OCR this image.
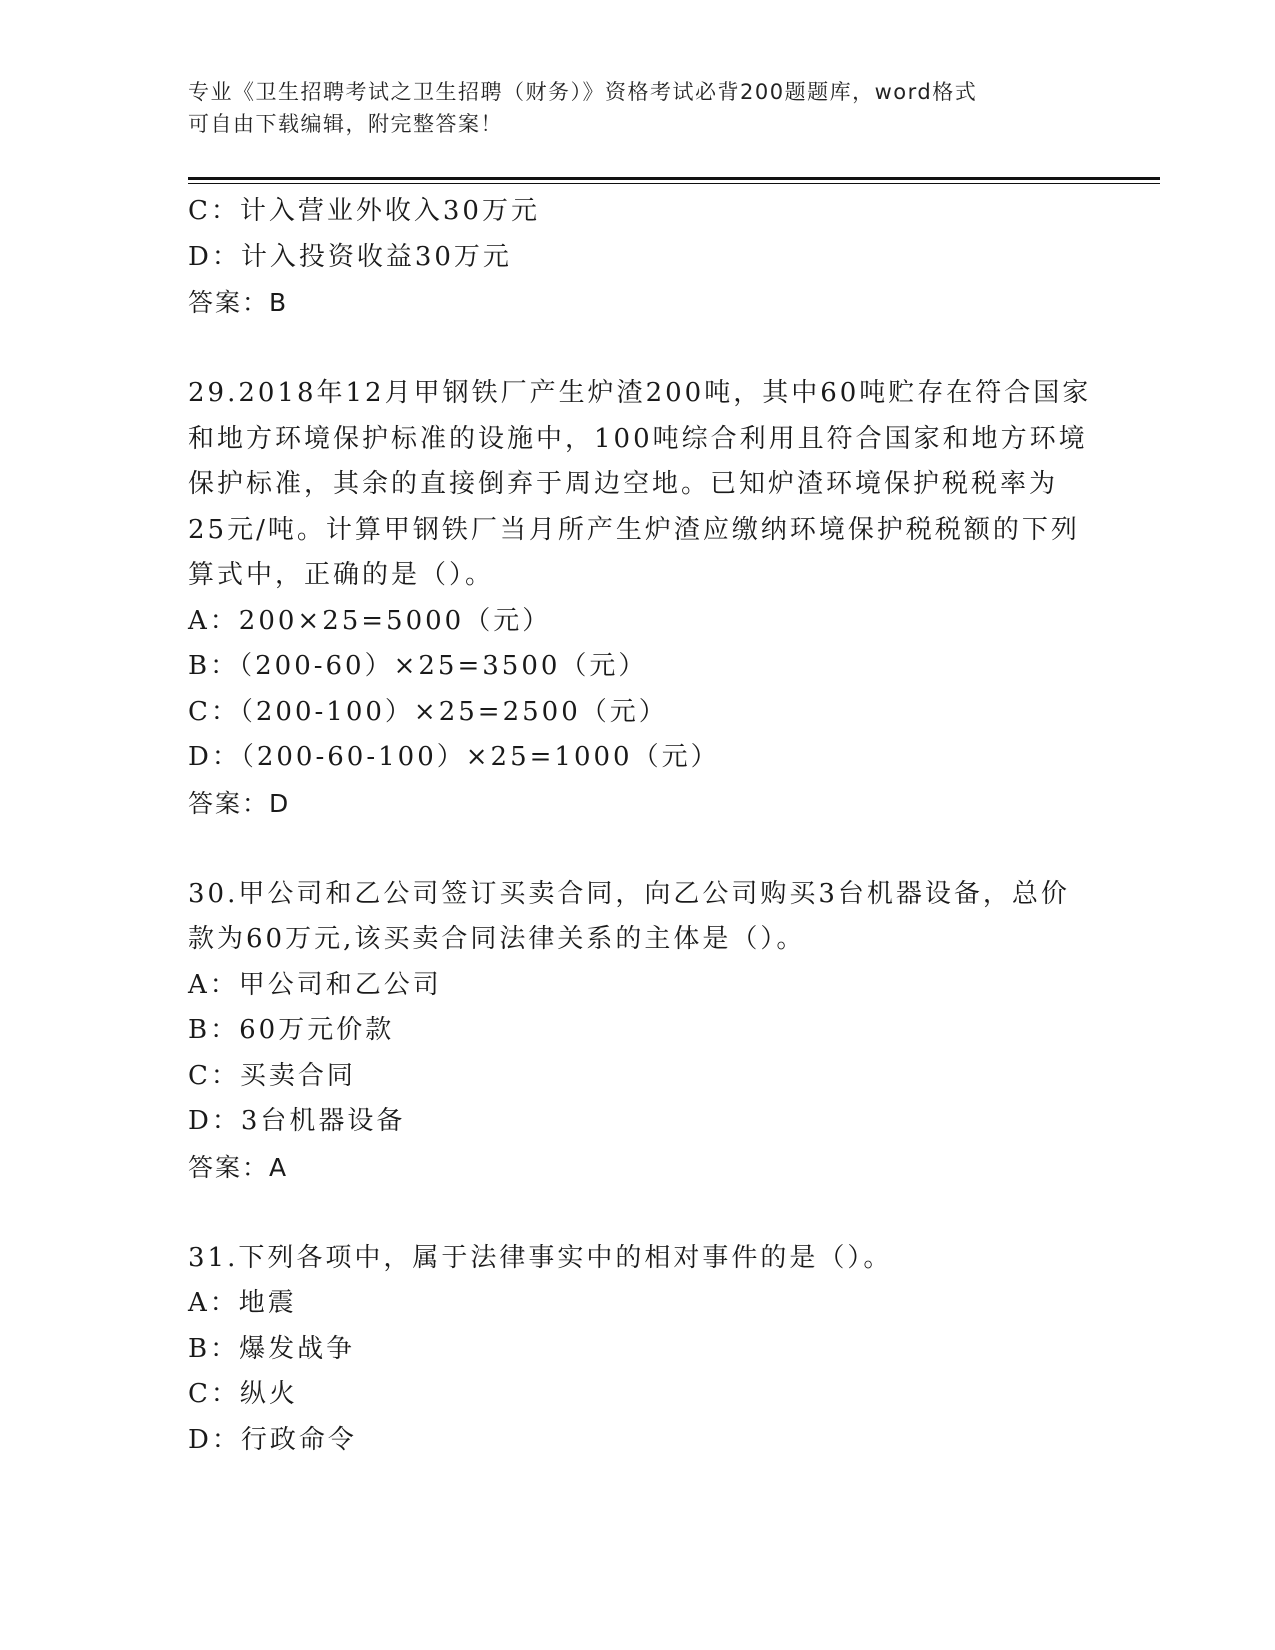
专业《卫生招聘考试之卫生招聘（财务）》资格考试必背200题题库，word格式
可自由下载编辑，附完整答案！
C：计入营业外收入30万元
D：计入投资收益30万元
答案：B
29.2018年12月甲钢铁厂产生炉渣200吨，其中60吨贮存在符合国家
和地方环境保护标准的设施中，100吨综合利用且符合国家和地方环境
保护标准，其余的直接倒弃于周边空地。已知炉渣环境保护税税率为
25元/吨。计算甲钢铁厂当月所产生炉渣应缴纳环境保护税税额的下列
算式中，正确的是（）。
A：200×25=5000（元）
B：（200-60）×25=3500（元）
C：（200-100）×25=2500（元）
D：（200-60-100）×25=1000（元）
答案：D
30.甲公司和乙公司签订买卖合同，向乙公司购买3台机器设备，总价
款为60万元,该买卖合同法律关系的主体是（）。
A：甲公司和乙公司
B：60万元价款
C：买卖合同
D：3台机器设备
答案：A
31.下列各项中，属于法律事实中的相对事件的是（）。
A：地震
B：爆发战争
C：纵火
D：行政命令
